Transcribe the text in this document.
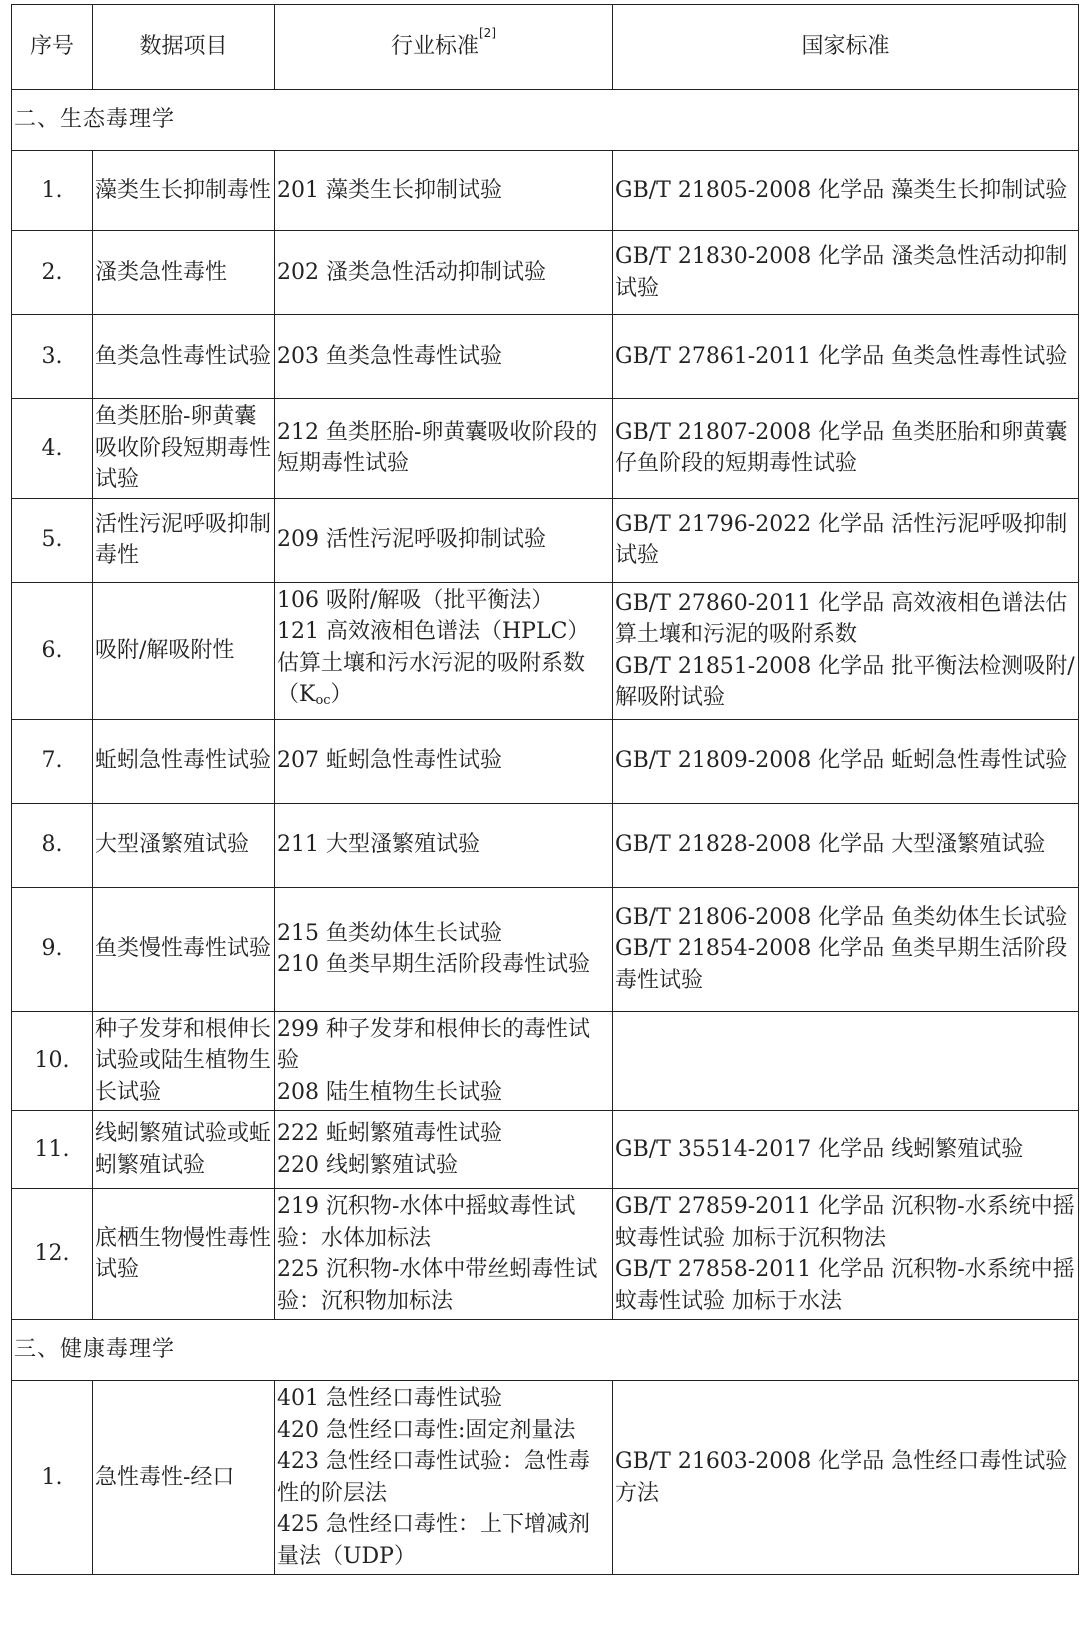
序号	数据项目	行业标准[2]	国家标准
二、生态毒理学			
1.	藻类生长抑制毒性	201 藻类生长抑制试验	GB/T 21805-2008 化学品 藻类生长抑制试验

2.	溞类急性毒性	202 溞类急性活动抑制试验	GB/T 21830-2008 化学品 溞类急性活动抑制试验

3.	鱼类急性毒性试验	203 鱼类急性毒性试验	GB/T 27861-2011 化学品 鱼类急性毒性试验

4.	鱼类胚胎-卵黄囊吸收阶段短期毒性试验	212 鱼类胚胎-卵黄囊吸收阶段的短期毒性试验	GB/T 21807-2008 化学品 鱼类胚胎和卵黄囊仔鱼阶段的短期毒性试验

5.	活性污泥呼吸抑制毒性	209 活性污泥呼吸抑制试验	GB/T 21796-2022 化学品 活性污泥呼吸抑制试验

6.	吸附/解吸附性	106 吸附/解吸（批平衡法）
121 高效液相色谱法（HPLC）估算土壤和污水污泥的吸附系数
$(K_{oc})$	GB/T 27860-2011 化学品 高效液相色谱法估算土壤和污泥的吸附系数
GB/T 21851-2008 化学品 批平衡法检测吸附/解吸附试验

7.	蚯蚓急性毒性试验	207 蚯蚓急性毒性试验	GB/T 21809-2008 化学品 蚯蚓急性毒性试验

8.	大型溞繁殖试验	211 大型溞繁殖试验	GB/T 21828-2008 化学品 大型溞繁殖试验

9.	鱼类慢性毒性试验	215 鱼类幼体生长试验
210 鱼类早期生活阶段毒性试验	GB/T 21806-2008 化学品 鱼类幼体生长试验
GB/T 21854-2008 化学品 鱼类早期生活阶段毒性试验

10.	种子发芽和根伸长试验或陆生植物生长试验	299 种子发芽和根伸长的毒性试验
208 陆生植物生长试验	

11.	线蚓繁殖试验或蚯蚓繁殖试验	222 蚯蚓繁殖毒性试验
220 线蚓繁殖试验	GB/T 35514-2017 化学品 线蚓繁殖试验

12.	底栖生物慢性毒性试验	219 沉积物-水体中摇蚊毒性试验：水体加标法
225 沉积物-水体中带丝蚓毒性试验：沉积物加标法	GB/T 27859-2011 化学品 沉积物-水系统中摇蚊毒性试验 加标于沉积物法
GB/T 27858-2011 化学品 沉积物-水系统中摇蚊毒性试验 加标于水法

三、健康毒理学			
1.	急性毒性-经口	401 急性经口毒性试验
420 急性经口毒性:固定剂量法
423 急性经口毒性试验：急性毒性的阶层法
425 急性经口毒性：上下增减剂量法（UDP）	GB/T 21603-2008 化学品 急性经口毒性试验方法
